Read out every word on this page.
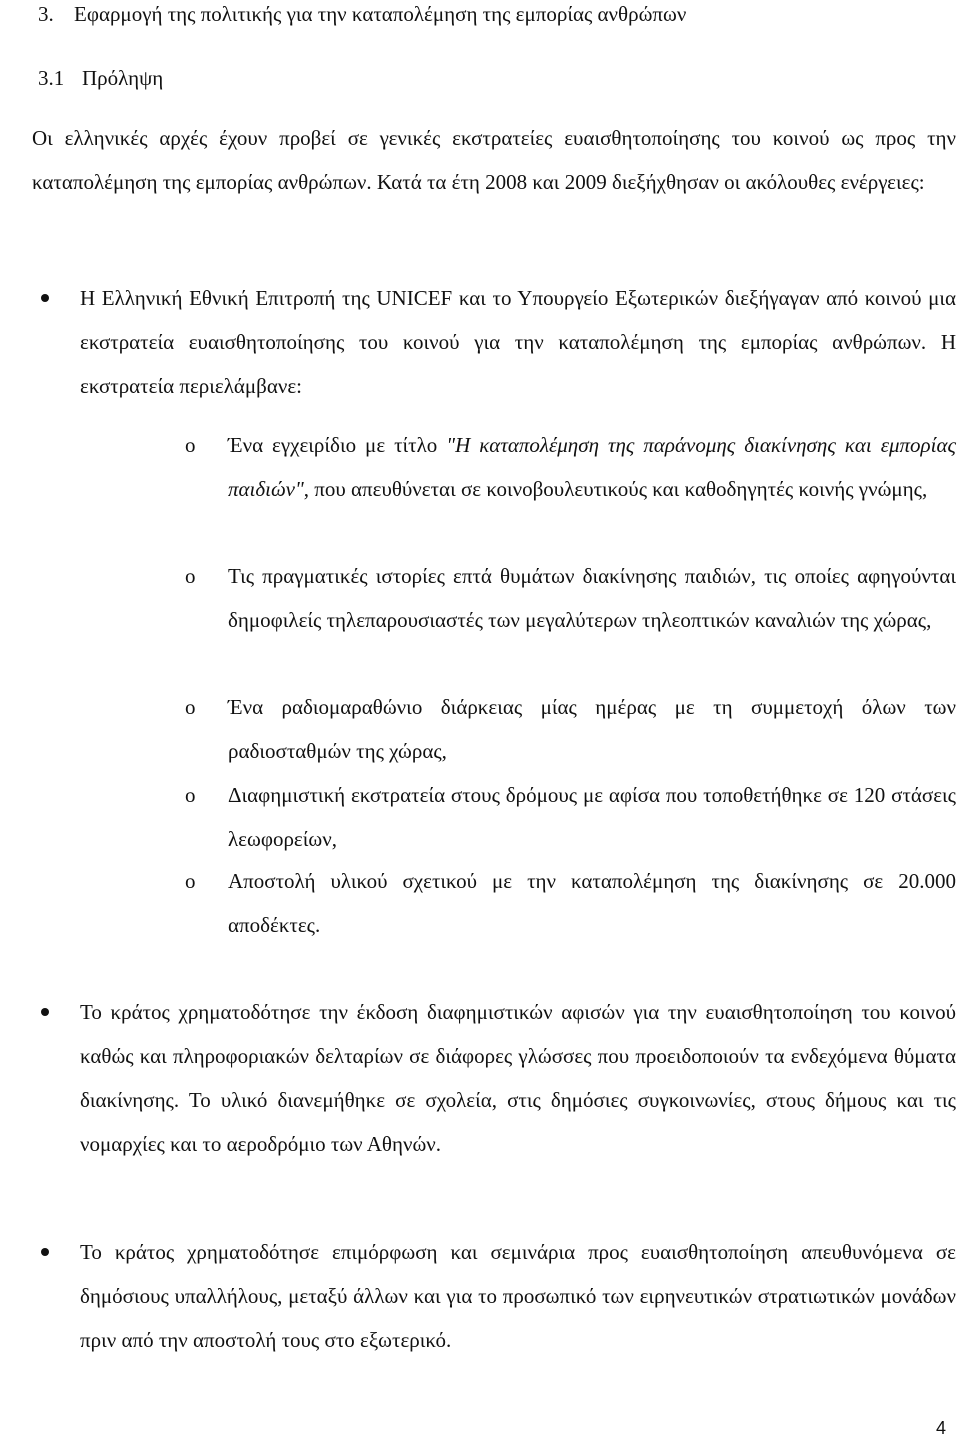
3. Εφαρμογή της πολιτικής για την καταπολέμηση της εμπορίας ανθρώπων
3.1 Πρόληψη

Οι ελληνικές αρχές έχουν προβεί σε γενικές εκστρατείες ευαισθητοποίησης του κοινού ως προς την καταπολέμηση της εμπορίας ανθρώπων. Κατά τα έτη 2008 και 2009 διεξήχθησαν οι ακόλουθες ενέργειες:

Η Ελληνική Εθνική Επιτροπή της UNICEF και το Υπουργείο Εξωτερικών διεξήγαγαν από κοινού μια εκστρατεία ευαισθητοποίησης του κοινού για την καταπολέμηση της εμπορίας ανθρώπων. Η εκστρατεία περιελάμβανε:

o Ένα εγχειρίδιο με τίτλο "Η καταπολέμηση της παράνομης διακίνησης και εμπορίας παιδιών", που απευθύνεται σε κοινοβουλευτικούς και καθοδηγητές κοινής γνώμης,

o Τις πραγματικές ιστορίες επτά θυμάτων διακίνησης παιδιών, τις οποίες αφηγούνται δημοφιλείς τηλεπαρουσιαστές των μεγαλύτερων τηλεοπτικών καναλιών της χώρας,

o Ένα ραδιομαραθώνιο διάρκειας μίας ημέρας με τη συμμετοχή όλων των ραδιοσταθμών της χώρας,

o Διαφημιστική εκστρατεία στους δρόμους με αφίσα που τοποθετήθηκε σε 120 στάσεις λεωφορείων,

o Αποστολή υλικού σχετικού με την καταπολέμηση της διακίνησης σε 20.000 αποδέκτες.

Το κράτος χρηματοδότησε την έκδοση διαφημιστικών αφισών για την ευαισθητοποίηση του κοινού καθώς και πληροφοριακών δελταρίων σε διάφορες γλώσσες που προειδοποιούν τα ενδεχόμενα θύματα διακίνησης. Το υλικό διανεμήθηκε σε σχολεία, στις δημόσιες συγκοινωνίες, στους δήμους και τις νομαρχίες και το αεροδρόμιο των Αθηνών.

Το κράτος χρηματοδότησε επιμόρφωση και σεμινάρια προς ευαισθητοποίηση απευθυνόμενα σε δημόσιους υπαλλήλους, μεταξύ άλλων και για το προσωπικό των ειρηνευτικών στρατιωτικών μονάδων πριν από την αποστολή τους στο εξωτερικό.

4
